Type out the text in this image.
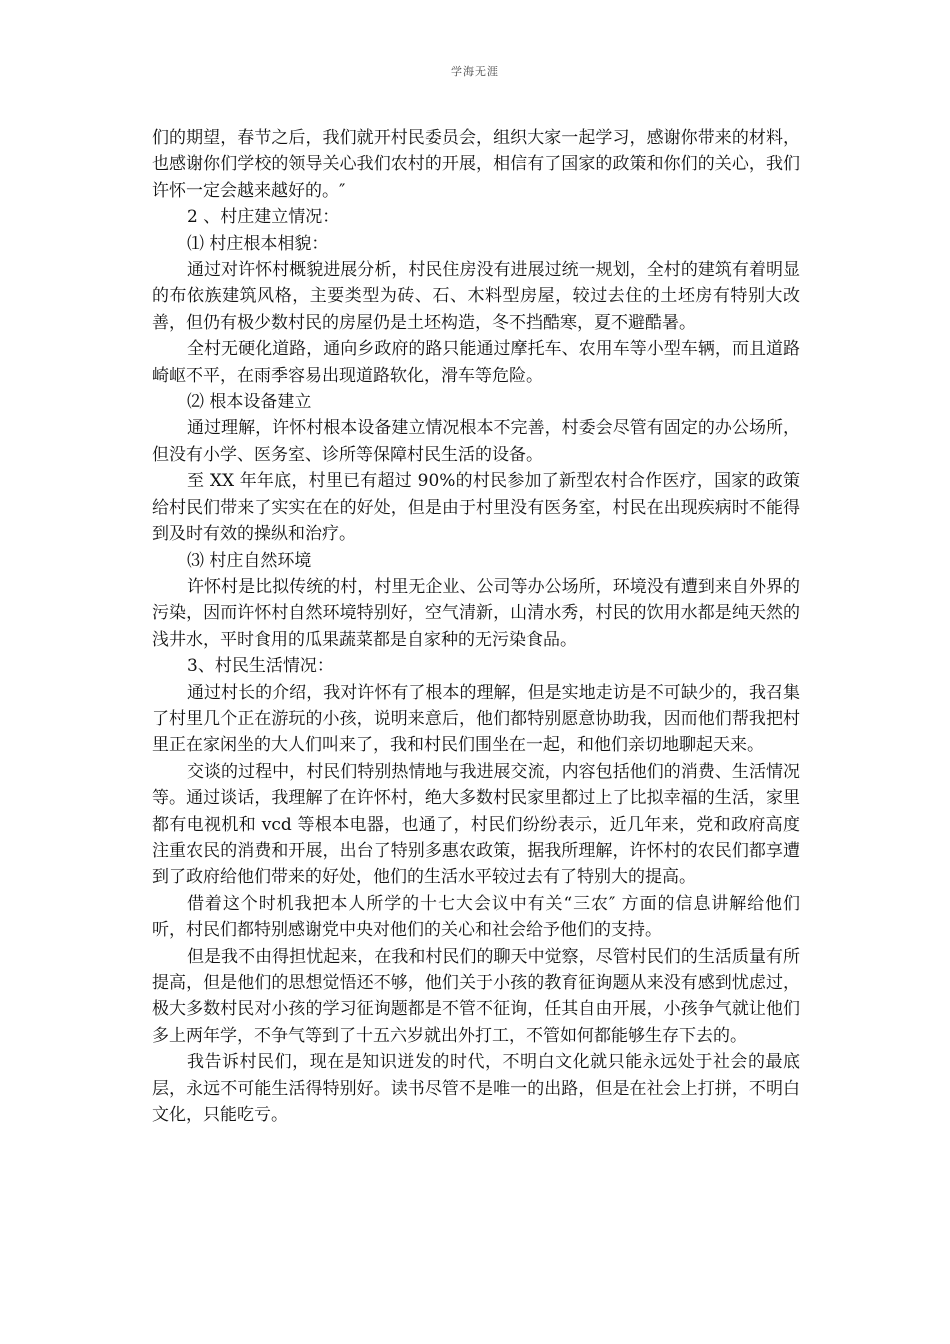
学海无涯

们的期望，春节之后，我们就开村民委员会，组织大家一起学习，感谢你带来的材料，也感谢你们学校的领导关心我们农村的开展，相信有了国家的政策和你们的关心，我们许怀一定会越来越好的。″

2 、村庄建立情况：

⑴ 村庄根本相貌：

通过对许怀村概貌进展分析，村民住房没有进展过统一规划，全村的建筑有着明显的布依族建筑风格，主要类型为砖、石、木料型房屋，较过去住的土坯房有特别大改善，但仍有极少数村民的房屋仍是土坯构造，冬不挡酷寒，夏不避酷暑。

全村无硬化道路，通向乡政府的路只能通过摩托车、农用车等小型车辆，而且道路崎岖不平，在雨季容易出现道路软化，滑车等危险。

⑵ 根本设备建立

通过理解，许怀村根本设备建立情况根本不完善，村委会尽管有固定的办公场所，但没有小学、医务室、诊所等保障村民生活的设备。

至 XX 年年底，村里已有超过 90%的村民参加了新型农村合作医疗，国家的政策给村民们带来了实实在在的好处，但是由于村里没有医务室，村民在出现疾病时不能得到及时有效的操纵和治疗。

⑶ 村庄自然环境

许怀村是比拟传统的村，村里无企业、公司等办公场所，环境没有遭到来自外界的污染，因而许怀村自然环境特别好，空气清新，山清水秀，村民的饮用水都是纯天然的浅井水，平时食用的瓜果蔬菜都是自家种的无污染食品。

3、村民生活情况：

通过村长的介绍，我对许怀有了根本的理解，但是实地走访是不可缺少的，我召集了村里几个正在游玩的小孩，说明来意后，他们都特别愿意协助我，因而他们帮我把村里正在家闲坐的大人们叫来了，我和村民们围坐在一起，和他们亲切地聊起天来。

交谈的过程中，村民们特别热情地与我进展交流，内容包括他们的消费、生活情况等。通过谈话，我理解了在许怀村，绝大多数村民家里都过上了比拟幸福的生活，家里都有电视机和 vcd 等根本电器，也通了，村民们纷纷表示，近几年来，党和政府高度注重农民的消费和开展，出台了特别多惠农政策，据我所理解，许怀村的农民们都享遭到了政府给他们带来的好处，他们的生活水平较过去有了特别大的提高。

借着这个时机我把本人所学的十七大会议中有关“三农″ 方面的信息讲解给他们听，村民们都特别感谢党中央对他们的关心和社会给予他们的支持。

但是我不由得担忧起来，在我和村民们的聊天中觉察，尽管村民们的生活质量有所提高，但是他们的思想觉悟还不够，他们关于小孩的教育征询题从来没有感到忧虑过，极大多数村民对小孩的学习征询题都是不管不征询，任其自由开展，小孩争气就让他们多上两年学，不争气等到了十五六岁就出外打工，不管如何都能够生存下去的。

我告诉村民们，现在是知识迸发的时代，不明白文化就只能永远处于社会的最底层，永远不可能生活得特别好。读书尽管不是唯一的出路，但是在社会上打拼，不明白文化，只能吃亏。
